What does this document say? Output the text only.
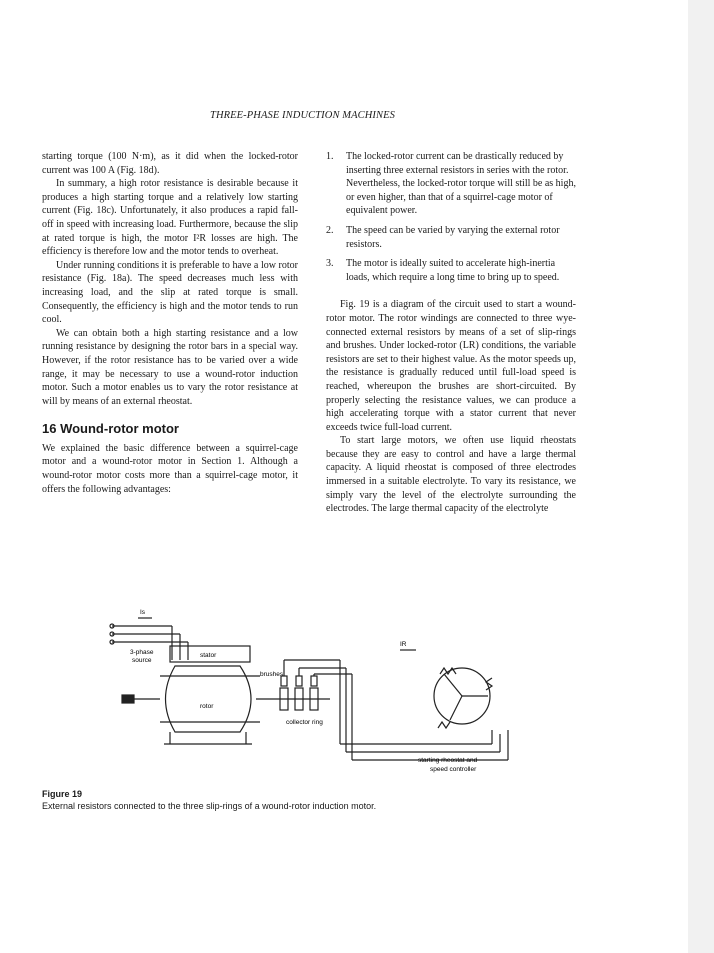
THREE-PHASE INDUCTION MACHINES

starting torque (100 N·m), as it did when the locked-rotor current was 100 A (Fig. 18d).

In summary, a high rotor resistance is desirable because it produces a high starting torque and a relatively low starting current (Fig. 18c). Unfortunately, it also produces a rapid fall-off in speed with increasing load. Furthermore, because the slip at rated torque is high, the motor I²R losses are high. The efficiency is therefore low and the motor tends to overheat.

Under running conditions it is preferable to have a low rotor resistance (Fig. 18a). The speed decreases much less with increasing load, and the slip at rated torque is small. Consequently, the efficiency is high and the motor tends to run cool.

We can obtain both a high starting resistance and a low running resistance by designing the rotor bars in a special way. However, if the rotor resistance has to be varied over a wide range, it may be necessary to use a wound-rotor induction motor. Such a motor enables us to vary the rotor resistance at will by means of an external rheostat.

16 Wound-rotor motor

We explained the basic difference between a squirrel-cage motor and a wound-rotor motor in Section 1. Although a wound-rotor motor costs more than a squirrel-cage motor, it offers the following advantages:

1. The locked-rotor current can be drastically reduced by inserting three external resistors in series with the rotor. Nevertheless, the locked-rotor torque will still be as high, or even higher, than that of a squirrel-cage motor of equivalent power.
2. The speed can be varied by varying the external rotor resistors.
3. The motor is ideally suited to accelerate high-inertia loads, which require a long time to bring up to speed.

Fig. 19 is a diagram of the circuit used to start a wound-rotor motor. The rotor windings are connected to three wye-connected external resistors by means of a set of slip-rings and brushes. Under locked-rotor (LR) conditions, the variable resistors are set to their highest value. As the motor speeds up, the resistance is gradually reduced until full-load speed is reached, whereupon the brushes are short-circuited. By properly selecting the resistance values, we can produce a high accelerating torque with a stator current that never exceeds twice full-load current.

To start large motors, we often use liquid rheostats because they are easy to control and have a large thermal capacity. A liquid rheostat is composed of three electrodes immersed in a suitable electrolyte. To vary its resistance, we simply vary the level of the electrolyte surrounding the electrodes. The large thermal capacity of the electrolyte

Is
IR
3-phase
source
stator
brushes
rotor
collector ring
starting rheostat and
speed controller
Figure 19
External resistors connected to the three slip-rings of a wound-rotor induction motor.
